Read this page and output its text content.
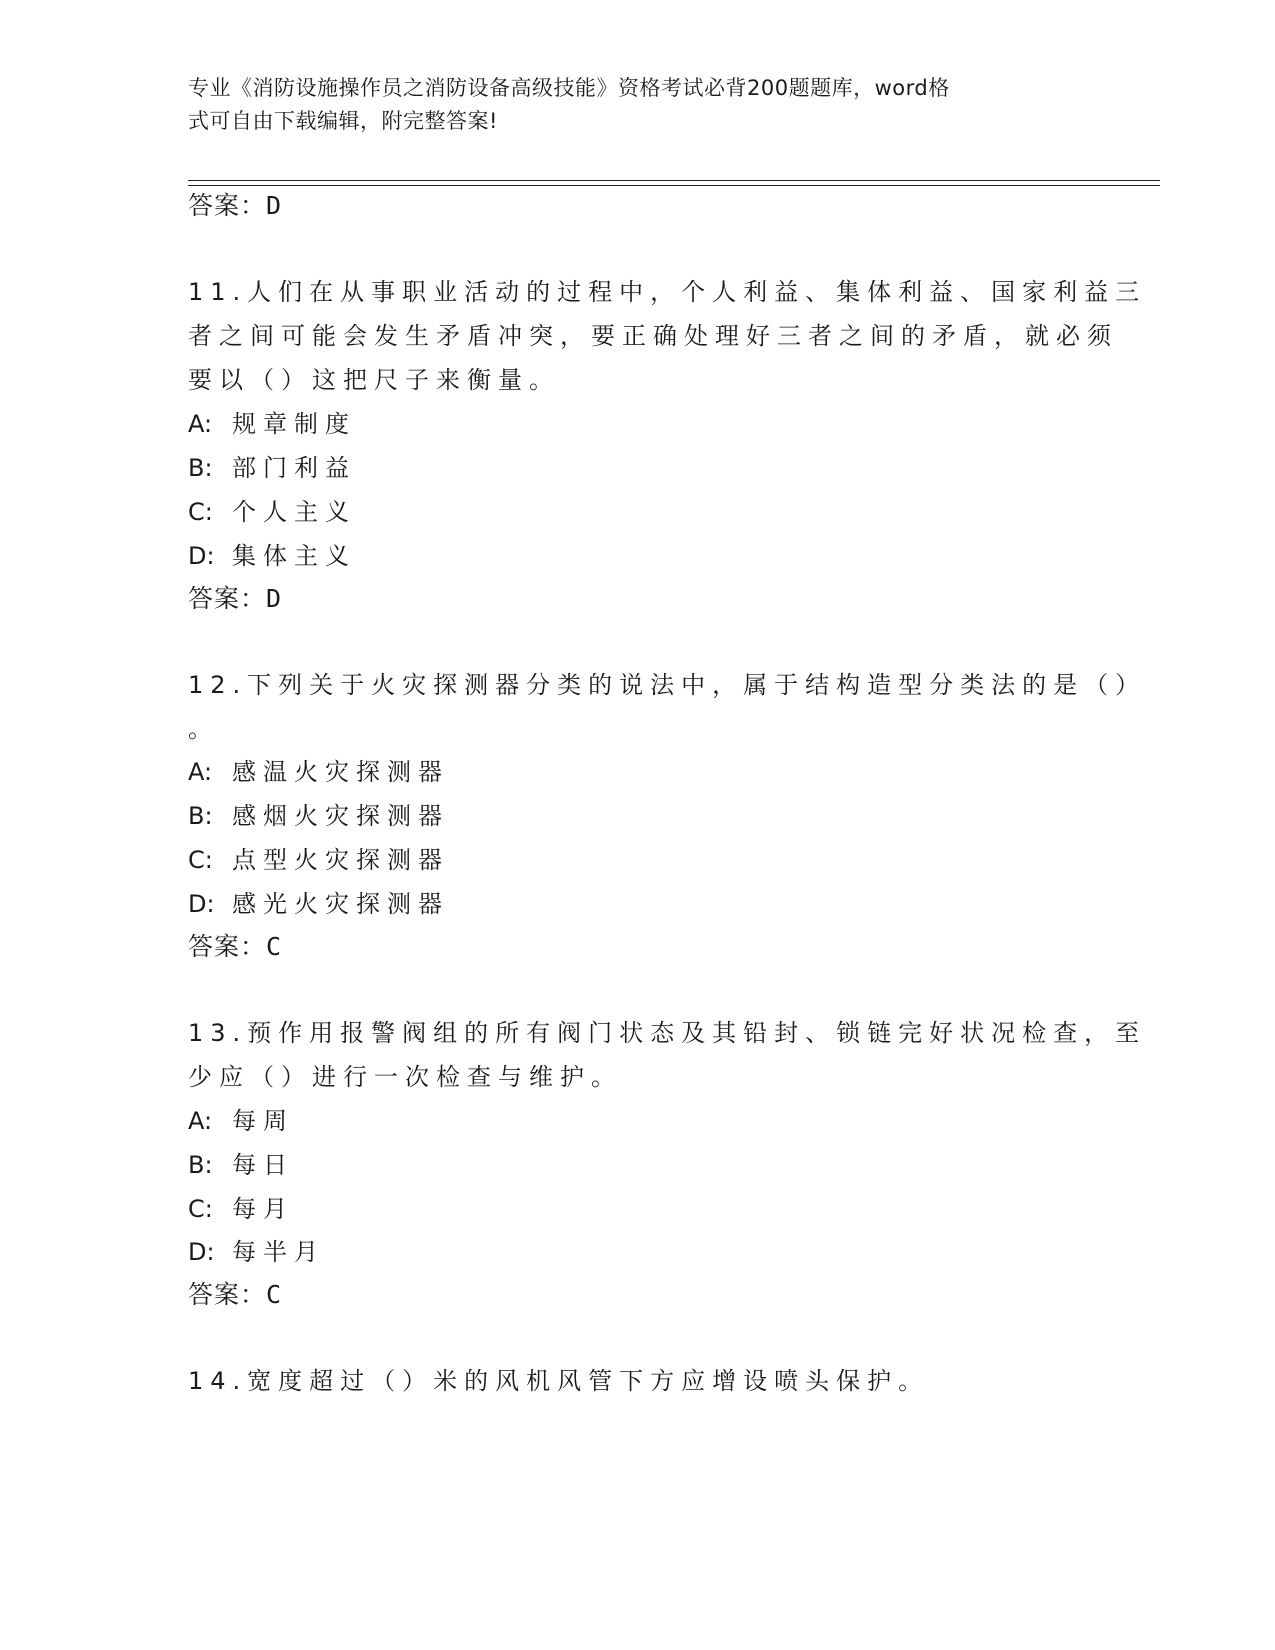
专业《消防设施操作员之消防设备高级技能》资格考试必背200题题库，word格
式可自由下载编辑，附完整答案!
答案：D
11.人们在从事职业活动的过程中，个人利益、集体利益、国家利益三
者之间可能会发生矛盾冲突，要正确处理好三者之间的矛盾，就必须
要以（）这把尺子来衡量。
A: 规章制度
B: 部门利益
C: 个人主义
D: 集体主义
答案：D
12.下列关于火灾探测器分类的说法中，属于结构造型分类法的是（）
。
A: 感温火灾探测器
B: 感烟火灾探测器
C: 点型火灾探测器
D: 感光火灾探测器
答案：C
13.预作用报警阀组的所有阀门状态及其铅封、锁链完好状况检查，至
少应（）进行一次检查与维护。
A: 每周
B: 每日
C: 每月
D: 每半月
答案：C
14.宽度超过（）米的风机风管下方应增设喷头保护。
